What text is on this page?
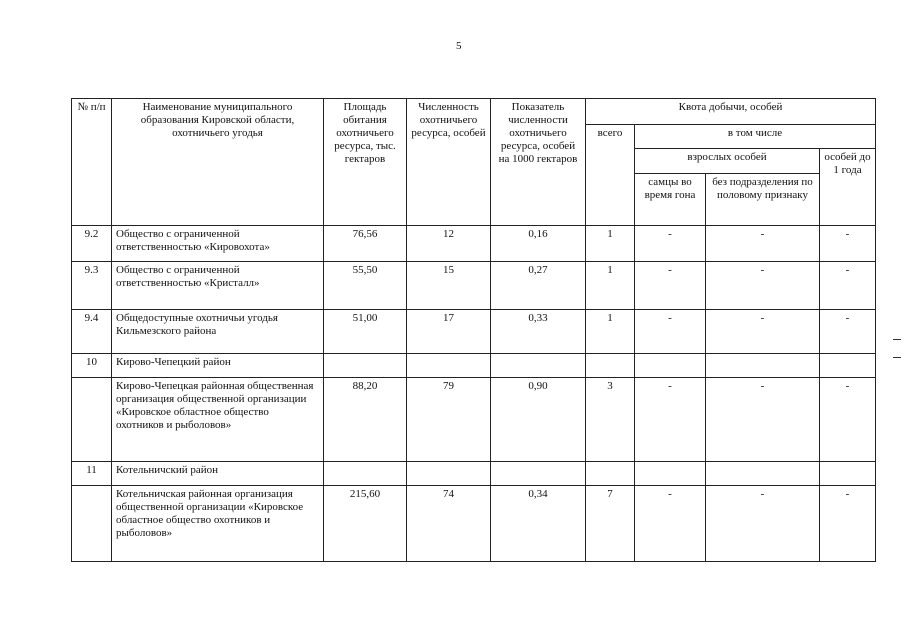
5
№ п/п	Наименование муниципального образования Кировской области, охотничьего угодья	Площадь обитания охотничьего ресурса, тыс. гектаров	Численность охотничьего ресурса, особей	Показатель численности охотничьего ресурса, особей на 1000 гектаров	Квота добычи, особей			
					всего	в том числе		
						взрослых особей		особей до 1 года
						самцы во время гона	без подразделения по половому признаку	
9.2	Общество с ограниченной ответственностью «Кировохота»	76,56	12	0,16	1	-	-	-
9.3	Общество с ограниченной ответственностью «Кристалл»	55,50	15	0,27	1	-	-	-
9.4	Общедоступные охотничьи угодья Кильмезского района	51,00	17	0,33	1	-	-	-
10	Кирово-Чепецкий район							
	Кирово-Чепецкая районная общественная организация общественной организации «Кировское областное общество охотников и рыболовов»	88,20	79	0,90	3	-	-	-
11	Котельничский район							
	Котельничская районная организация общественной организации «Кировское областное общество охотников и рыболовов»	215,60	74	0,34	7	-	-	-
